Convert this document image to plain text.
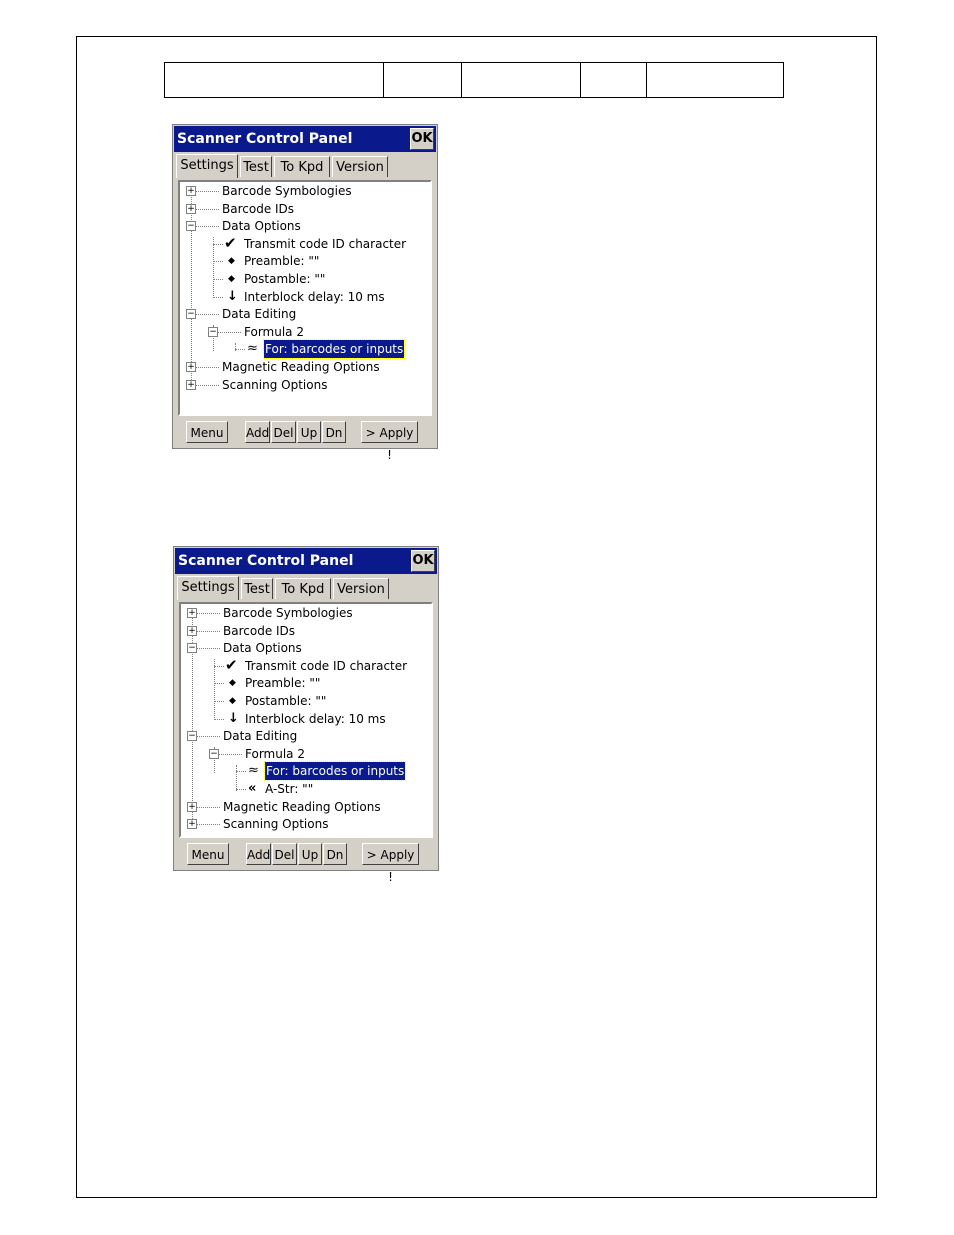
Scanner Control Panel	OK
Settings Test To Kpd Version
+ Barcode Symbologies
+ Barcode IDs
− Data Options
✔ Transmit code ID character
◆ Preamble: ""
◆ Postamble: ""
↓ Interblock delay: 10 ms
− Data Editing
− Formula 2
≈ For: barcodes or inputs
+ Magnetic Reading Options
+ Scanning Options
Menu	Add Del Up Dn	> Apply !
Scanner Control Panel	OK
Settings Test To Kpd Version
+ Barcode Symbologies
+ Barcode IDs
− Data Options
✔ Transmit code ID character
◆ Preamble: ""
◆ Postamble: ""
↓ Interblock delay: 10 ms
− Data Editing
− Formula 2
≈ For: barcodes or inputs
« A-Str: ""
+ Magnetic Reading Options
+ Scanning Options
Menu	Add Del Up Dn	> Apply !
